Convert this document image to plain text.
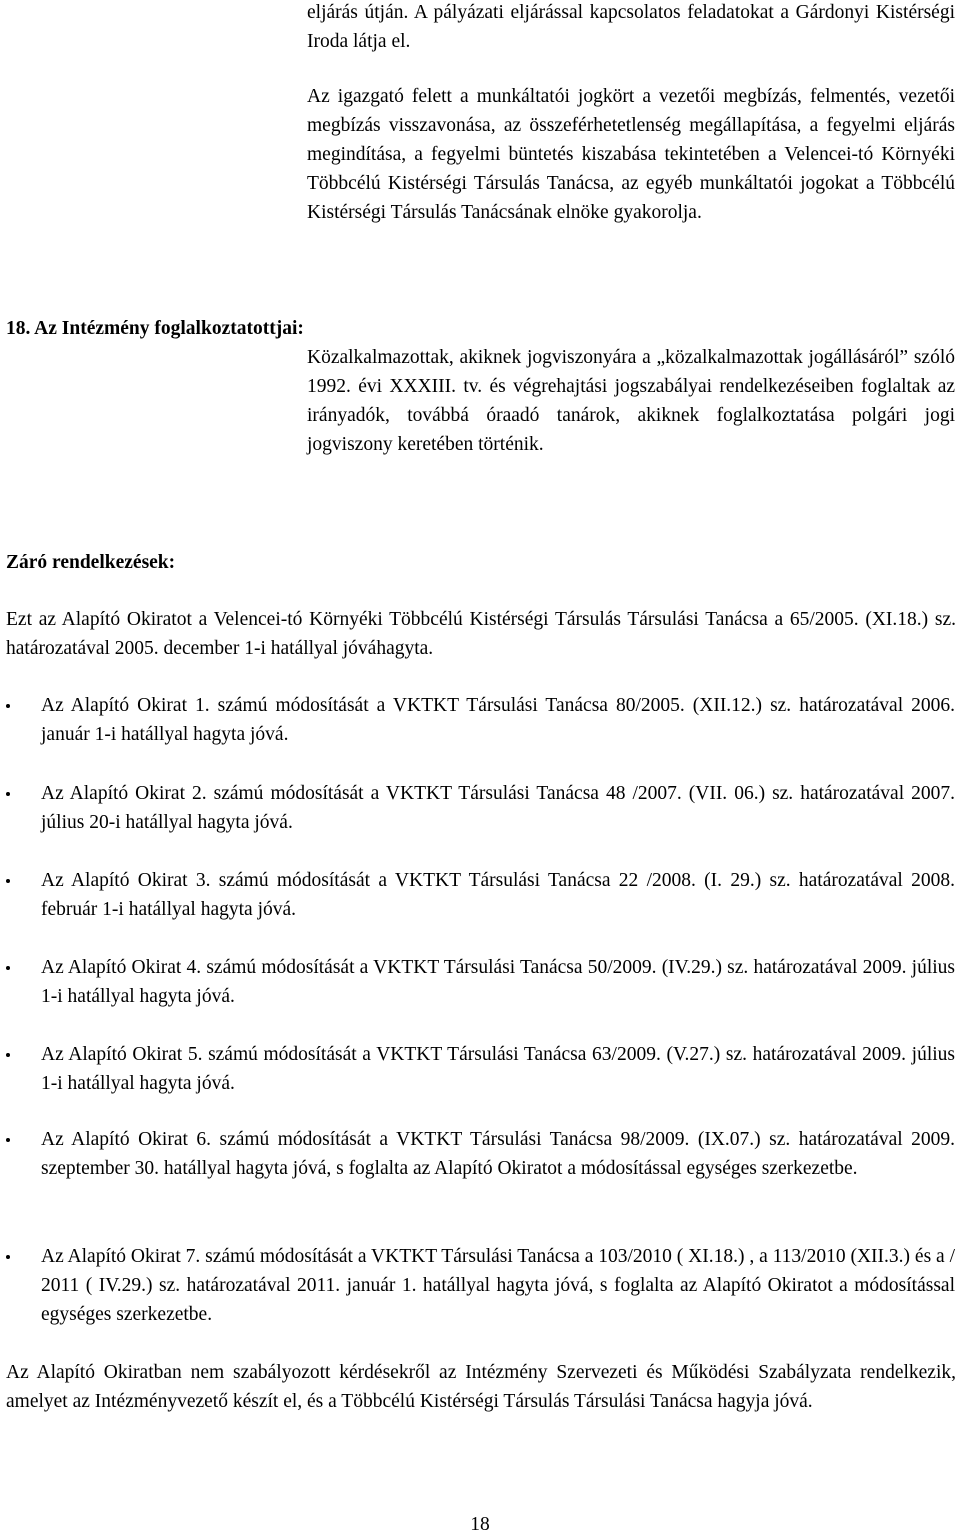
eljárás útján. A pályázati eljárással kapcsolatos feladatokat a Gárdonyi Kistérségi Iroda látja el.

Az igazgató felett a munkáltatói jogkört a vezetői megbízás, felmentés, vezetői megbízás visszavonása, az összeférhetetlenség megállapítása, a fegyelmi eljárás megindítása, a fegyelmi büntetés kiszabása tekintetében a Velencei-tó Környéki Többcélú Kistérségi Társulás Tanácsa, az egyéb munkáltatói jogokat a Többcélú Kistérségi Társulás Tanácsának elnöke gyakorolja.

18. Az Intézmény foglalkoztatottjai:

Közalkalmazottak, akiknek jogviszonyára a „közalkalmazottak jogállásáról” szóló 1992. évi XXXIII. tv. és végrehajtási jogszabályai rendelkezéseiben foglaltak az irányadók, továbbá óraadó tanárok, akiknek foglalkoztatása polgári jogi jogviszony keretében történik.

Záró rendelkezések:

Ezt az Alapító Okiratot a Velencei-tó Környéki Többcélú Kistérségi Társulás Társulási Tanácsa a 65/2005. (XI.18.) sz. határozatával 2005. december 1-i hatállyal jóváhagyta.

Az Alapító Okirat 1. számú módosítását a VKTKT Társulási Tanácsa 80/2005. (XII.12.) sz. határozatával 2006. január 1-i hatállyal hagyta jóvá.

Az Alapító Okirat 2. számú módosítását a VKTKT Társulási Tanácsa 48 /2007. (VII. 06.) sz. határozatával 2007. július 20-i hatállyal hagyta jóvá.

Az Alapító Okirat 3. számú módosítását a VKTKT Társulási Tanácsa 22 /2008. (I. 29.) sz. határozatával 2008. február 1-i hatállyal hagyta jóvá.

Az Alapító Okirat 4. számú módosítását a VKTKT Társulási Tanácsa 50/2009. (IV.29.) sz. határozatával 2009. július 1-i hatállyal hagyta jóvá.

Az Alapító Okirat 5. számú módosítását a VKTKT Társulási Tanácsa 63/2009. (V.27.) sz. határozatával 2009. július 1-i hatállyal hagyta jóvá.

Az Alapító Okirat 6. számú módosítását a VKTKT Társulási Tanácsa 98/2009. (IX.07.) sz. határozatával 2009. szeptember 30. hatállyal hagyta jóvá, s foglalta az Alapító Okiratot a módosítással egységes szerkezetbe.

Az Alapító Okirat 7. számú módosítását a VKTKT Társulási Tanácsa a 103/2010 ( XI.18.) , a 113/2010 (XII.3.) és a / 2011 ( IV.29.) sz. határozatával 2011. január 1. hatállyal hagyta jóvá, s foglalta az Alapító Okiratot a módosítással egységes szerkezetbe.

Az Alapító Okiratban nem szabályozott kérdésekről az Intézmény Szervezeti és Működési Szabályzata rendelkezik, amelyet az Intézményvezető készít el, és a Többcélú Kistérségi Társulás Társulási Tanácsa hagyja jóvá.

18
